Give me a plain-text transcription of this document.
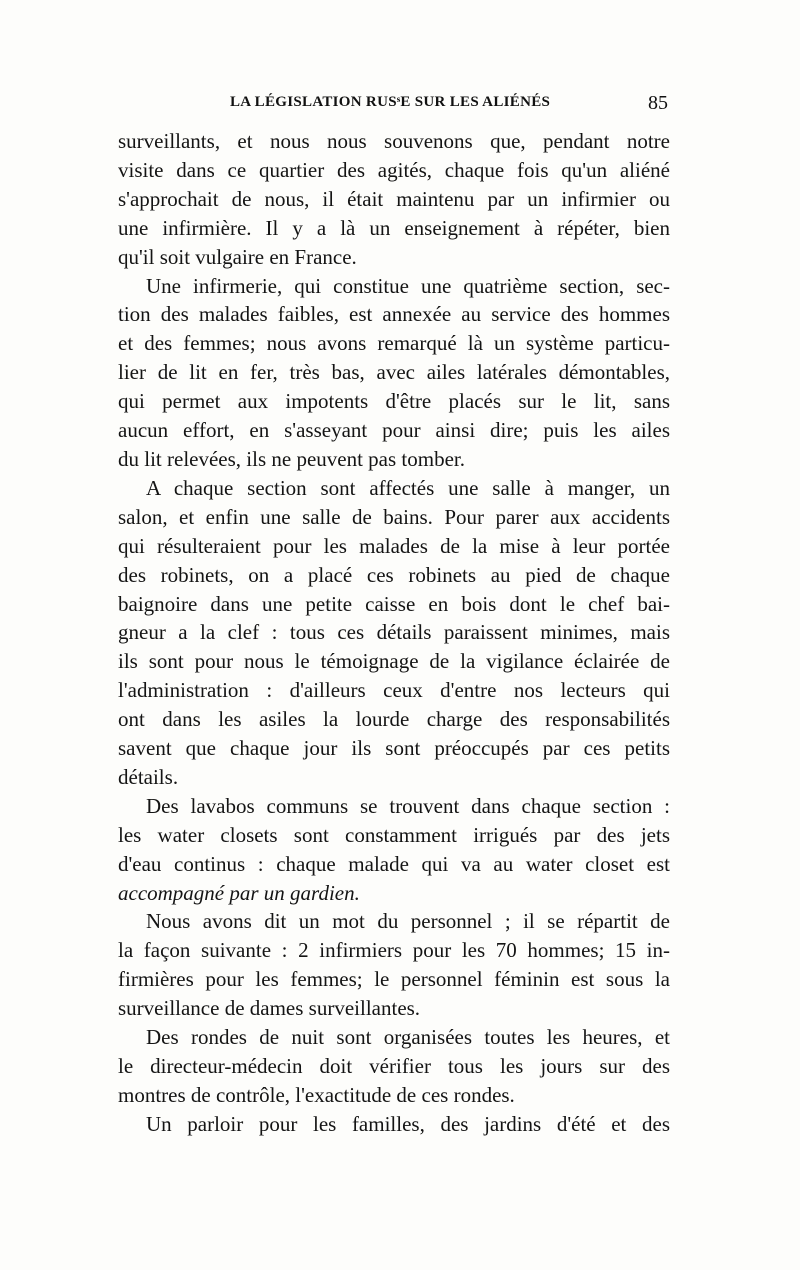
LA LÉGISLATION RUSˢE SUR LES ALIÉNÉS	85
surveillants, et nous nous souvenons que, pendant notre
visite dans ce quartier des agités, chaque fois qu'un aliéné
s'approchait de nous, il était maintenu par un infirmier ou
une infirmière. Il y a là un enseignement à répéter, bien
qu'il soit vulgaire en France.
Une infirmerie, qui constitue une quatrième section, sec-
tion des malades faibles, est annexée au service des hommes
et des femmes; nous avons remarqué là un système particu-
lier de lit en fer, très bas, avec ailes latérales démontables,
qui permet aux impotents d'être placés sur le lit, sans
aucun effort, en s'asseyant pour ainsi dire; puis les ailes
du lit relevées, ils ne peuvent pas tomber.
A chaque section sont affectés une salle à manger, un
salon, et enfin une salle de bains. Pour parer aux accidents
qui résulteraient pour les malades de la mise à leur portée
des robinets, on a placé ces robinets au pied de chaque
baignoire dans une petite caisse en bois dont le chef bai-
gneur a la clef : tous ces détails paraissent minimes, mais
ils sont pour nous le témoignage de la vigilance éclairée de
l'administration : d'ailleurs ceux d'entre nos lecteurs qui
ont dans les asiles la lourde charge des responsabilités
savent que chaque jour ils sont préoccupés par ces petits
détails.
Des lavabos communs se trouvent dans chaque section :
les water closets sont constamment irrigués par des jets
d'eau continus : chaque malade qui va au water closet est
accompagné par un gardien.
Nous avons dit un mot du personnel ; il se répartit de
la façon suivante : 2 infirmiers pour les 70 hommes; 15 in-
firmières pour les femmes; le personnel féminin est sous la
surveillance de dames surveillantes.
Des rondes de nuit sont organisées toutes les heures, et
le directeur-médecin doit vérifier tous les jours sur des
montres de contrôle, l'exactitude de ces rondes.
Un parloir pour les familles, des jardins d'été et des
